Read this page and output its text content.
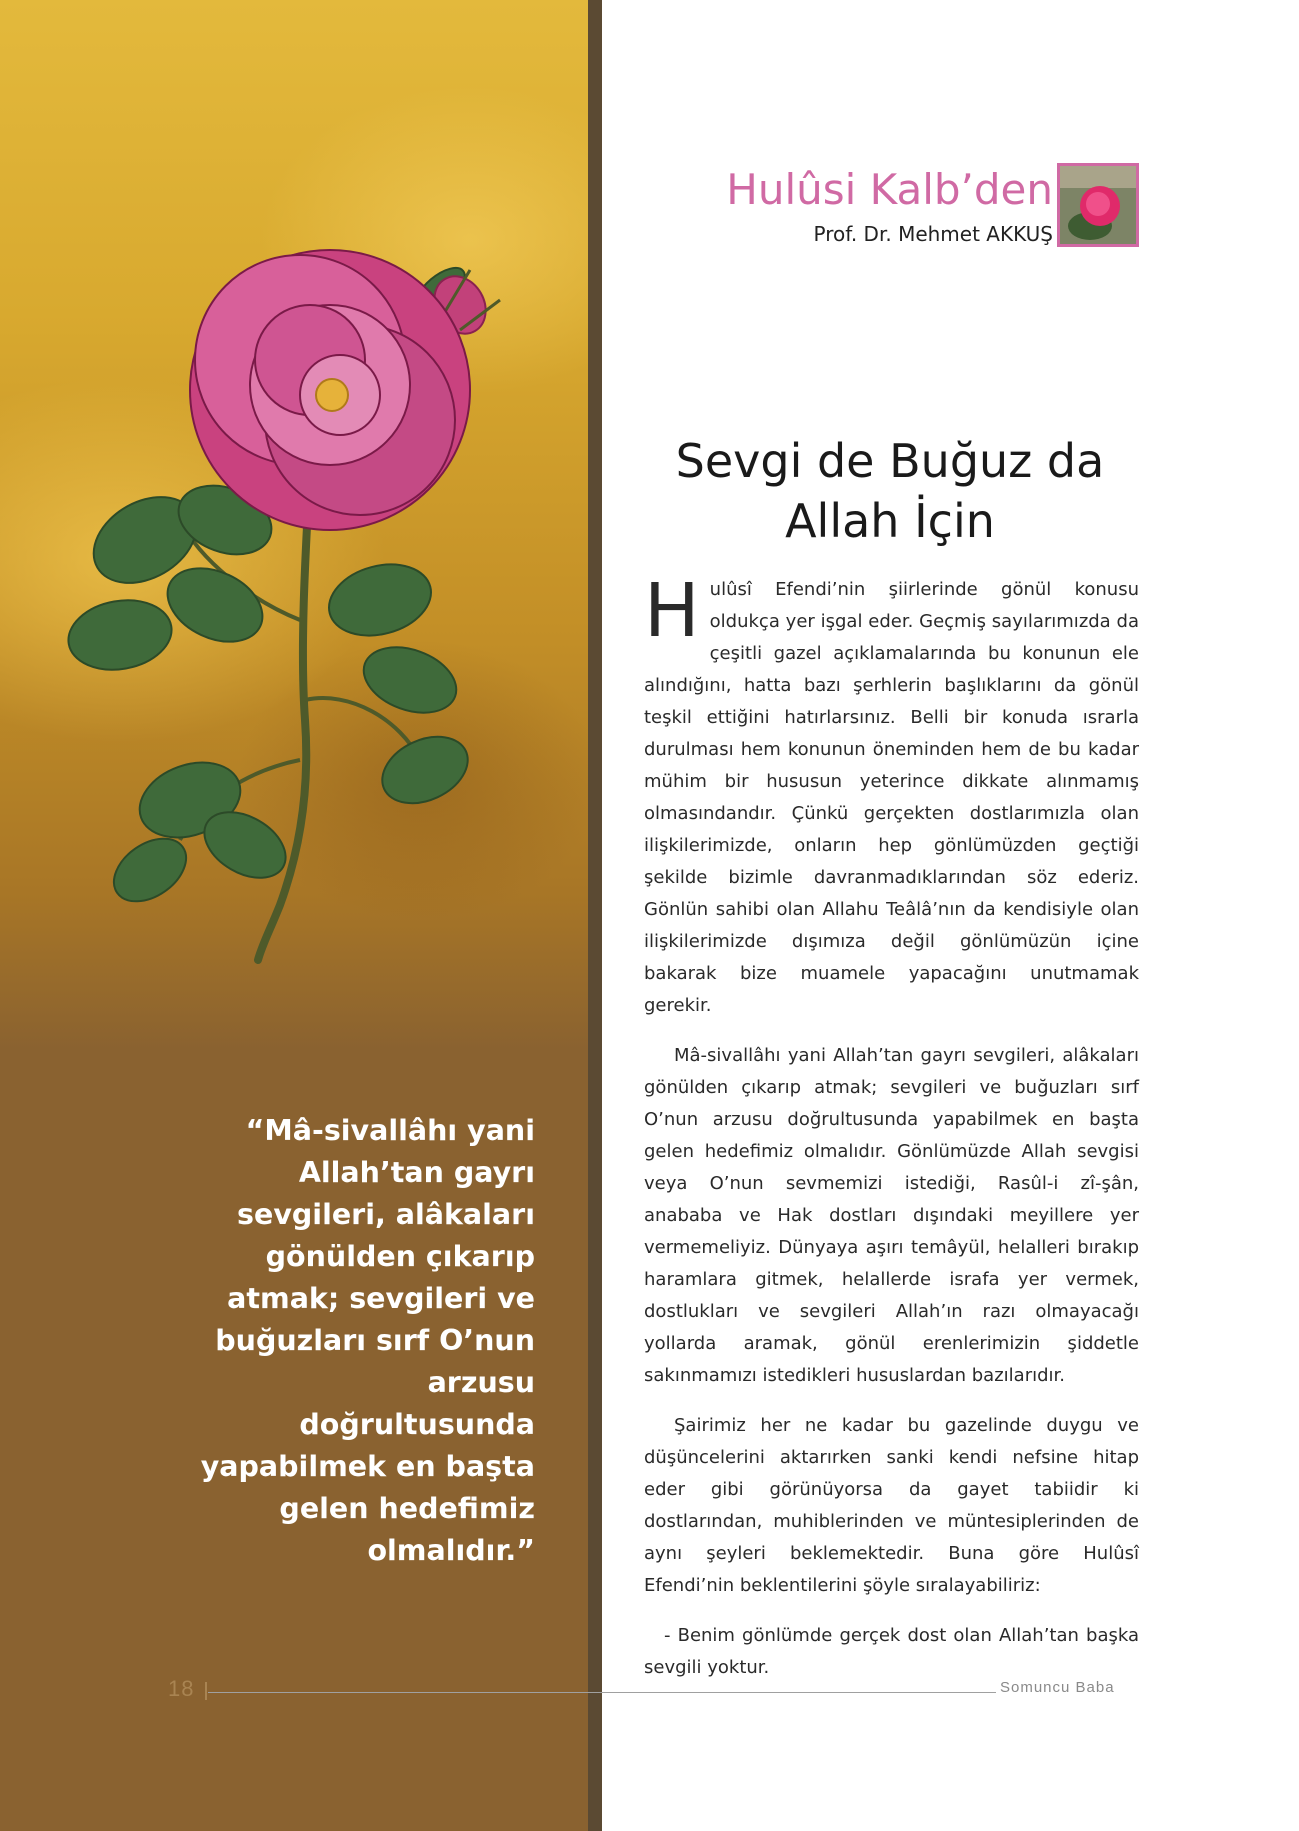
“Mâ-sivallâhı yani
Allah’tan gayrı
sevgileri, alâkaları
gönülden çıkarıp
atmak; sevgileri ve
buğuzları sırf O’nun
arzusu doğrultusunda
yapabilmek en başta
gelen hedefimiz
olmalıdır.”
18
Hulûsi Kalb’den
Prof. Dr. Mehmet AKKUŞ
Sevgi de Buğuz da
Allah İçin

Hulûsî Efendi’nin şiirlerinde gönül konusu oldukça yer işgal eder. Geçmiş sayılarımızda da çeşitli gazel açıklamalarında bu konunun ele alındığını, hatta bazı şerhlerin başlıklarını da gönül teşkil ettiğini hatırlarsınız. Belli bir konuda ısrarla durulması hem konunun öneminden hem de bu kadar mühim bir hususun yeterince dikkate alınmamış olmasındandır. Çünkü gerçekten dostlarımızla olan ilişkilerimizde, onların hep gönlümüzden geçtiği şekilde bizimle davranmadıklarından söz ederiz. Gönlün sahibi olan Allahu Teâlâ’nın da kendisiyle olan ilişkilerimizde dışımıza değil gönlümüzün içine bakarak bize muamele yapacağını unutmamak gerekir.

Mâ-sivallâhı yani Allah’tan gayrı sevgileri, alâkaları gönülden çıkarıp atmak; sevgileri ve buğuzları sırf O’nun arzusu doğrultusunda yapabilmek en başta gelen hedefimiz olmalıdır. Gönlümüzde Allah sevgisi veya O’nun sevmemizi istediği, Rasûl-i zî-şân, anababa ve Hak dostları dışındaki meyillere yer vermemeliyiz. Dünyaya aşırı temâyül, helalleri bırakıp haramlara gitmek, helallerde israfa yer vermek, dostlukları ve sevgileri Allah’ın razı olmayacağı yollarda aramak, gönül erenlerimizin şiddetle sakınmamızı istedikleri hususlardan bazılarıdır.

Şairimiz her ne kadar bu gazelinde duygu ve düşüncelerini aktarırken sanki kendi nefsine hitap eder gibi görünüyorsa da gayet tabiidir ki dostlarından, muhiblerinden ve müntesiplerinden de aynı şeyleri beklemektedir. Buna göre Hulûsî Efendi’nin beklentilerini şöyle sıralayabiliriz:

- Benim gönlümde gerçek dost olan Allah’tan başka sevgili yoktur.

Somuncu Baba
